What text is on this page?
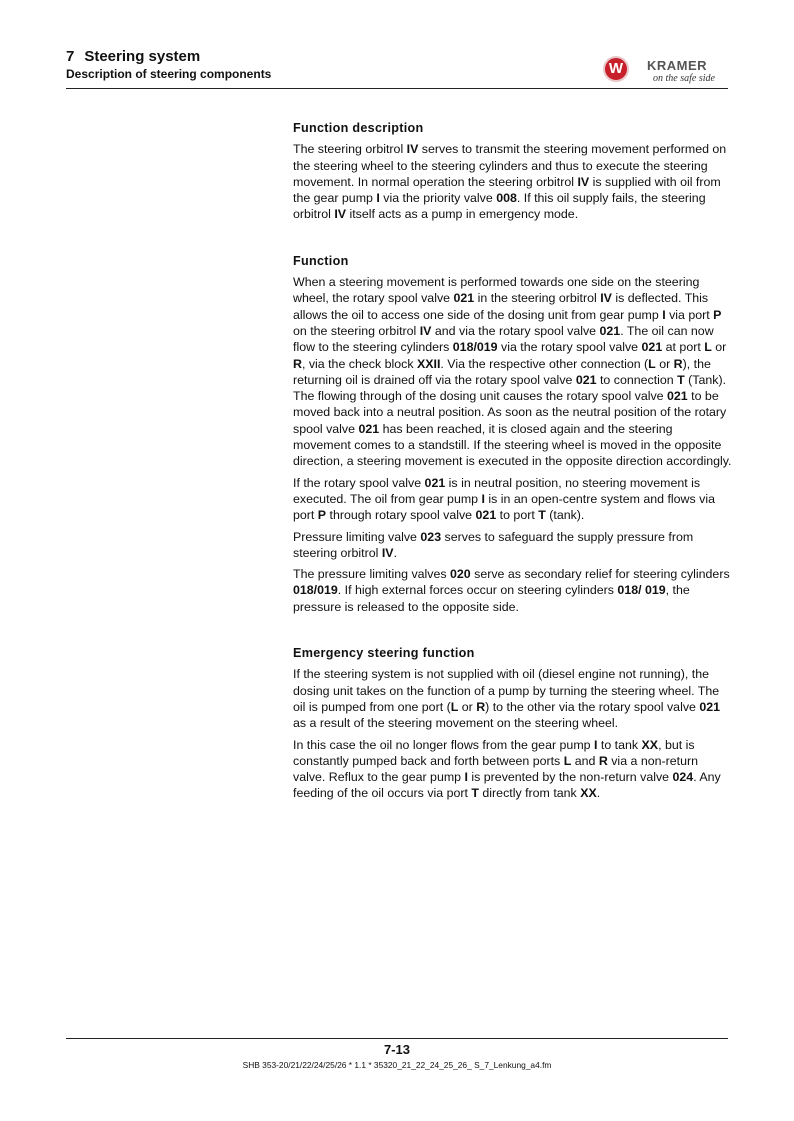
7 Steering system
Description of steering components	W	KRAMER
on the safe side
Function description

The steering orbitrol IV serves to transmit the steering movement performed on the steering wheel to the steering cylinders and thus to execute the steering movement. In normal operation the steering orbitrol IV is supplied with oil from the gear pump I via the priority valve 008. If this oil supply fails, the steering orbitrol IV itself acts as a pump in emergency mode.

Function

When a steering movement is performed towards one side on the steering wheel, the rotary spool valve 021 in the steering orbitrol IV is deflected. This allows the oil to access one side of the dosing unit from gear pump I via port P on the steering orbitrol IV and via the rotary spool valve 021. The oil can now flow to the steering cylinders 018/019 via the rotary spool valve 021 at port L or R, via the check block XXII. Via the respective other connection (L or R), the returning oil is drained off via the rotary spool valve 021 to connection T (Tank). The flowing through of the dosing unit causes the rotary spool valve 021 to be moved back into a neutral position. As soon as the neutral position of the rotary spool valve 021 has been reached, it is closed again and the steering movement comes to a standstill. If the steering wheel is moved in the opposite direction, a steering movement is executed in the opposite direction accordingly.

If the rotary spool valve 021 is in neutral position, no steering movement is executed. The oil from gear pump I is in an open-centre system and flows via port P through rotary spool valve 021 to port T (tank).

Pressure limiting valve 023 serves to safeguard the supply pressure from steering orbitrol IV.

The pressure limiting valves 020 serve as secondary relief for steering cylinders 018/019. If high external forces occur on steering cylinders 018/ 019, the pressure is released to the opposite side.

Emergency steering function

If the steering system is not supplied with oil (diesel engine not running), the dosing unit takes on the function of a pump by turning the steering wheel. The oil is pumped from one port (L or R) to the other via the rotary spool valve 021 as a result of the steering movement on the steering wheel.

In this case the oil no longer flows from the gear pump I to tank XX, but is constantly pumped back and forth between ports L and R via a non-return valve. Reflux to the gear pump I is prevented by the non-return valve 024. Any feeding of the oil occurs via port T directly from tank XX.

7-13
SHB 353-20/21/22/24/25/26 * 1.1 * 35320_21_22_24_25_26_ S_7_Lenkung_a4.fm
